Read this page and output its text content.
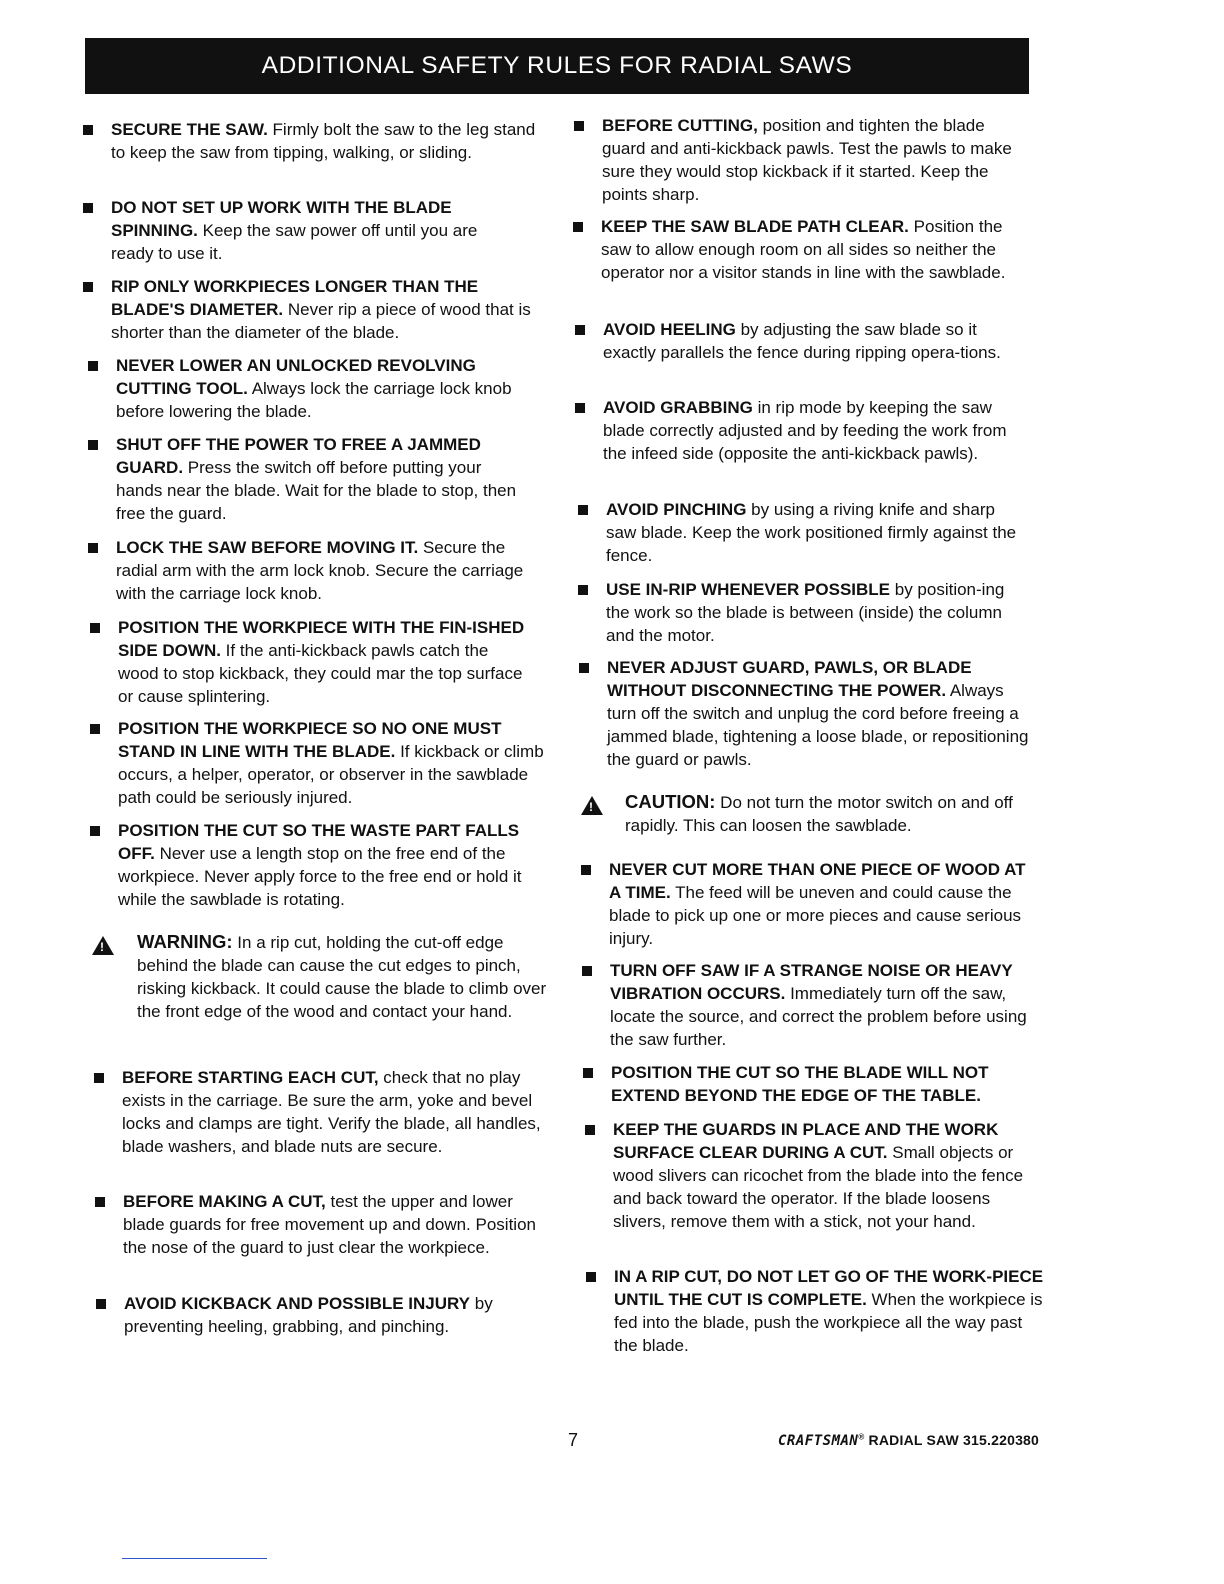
ADDITIONAL SAFETY RULES FOR RADIAL SAWS
SECURE THE SAW. Firmly bolt the saw to the leg stand to keep the saw from tipping, walking, or sliding.
DO NOT SET UP WORK WITH THE BLADE SPINNING. Keep the saw power off until you are ready to use it.
RIP ONLY WORKPIECES LONGER THAN THE BLADE'S DIAMETER. Never rip a piece of wood that is shorter than the diameter of the blade.
NEVER LOWER AN UNLOCKED REVOLVING CUTTING TOOL. Always lock the carriage lock knob before lowering the blade.
SHUT OFF THE POWER TO FREE A JAMMED GUARD. Press the switch off before putting your hands near the blade. Wait for the blade to stop, then free the guard.
LOCK THE SAW BEFORE MOVING IT. Secure the radial arm with the arm lock knob. Secure the carriage with the carriage lock knob.
POSITION THE WORKPIECE WITH THE FIN-ISHED SIDE DOWN. If the anti-kickback pawls catch the wood to stop kickback, they could mar the top surface or cause splintering.
POSITION THE WORKPIECE SO NO ONE MUST STAND IN LINE WITH THE BLADE. If kickback or climb occurs, a helper, operator, or observer in the sawblade path could be seriously injured.
POSITION THE CUT SO THE WASTE PART FALLS OFF. Never use a length stop on the free end of the workpiece. Never apply force to the free end or hold it while the sawblade is rotating.
!
WARNING: In a rip cut, holding the cut-off edge behind the blade can cause the cut edges to pinch, risking kickback. It could cause the blade to climb over the front edge of the wood and contact your hand.
BEFORE STARTING EACH CUT, check that no play exists in the carriage. Be sure the arm, yoke and bevel locks and clamps are tight. Verify the blade, all handles, blade washers, and blade nuts are secure.
BEFORE MAKING A CUT, test the upper and lower blade guards for free movement up and down. Position the nose of the guard to just clear the workpiece.
AVOID KICKBACK AND POSSIBLE INJURY by preventing heeling, grabbing, and pinching.
BEFORE CUTTING, position and tighten the blade guard and anti-kickback pawls. Test the pawls to make sure they would stop kickback if it started. Keep the points sharp.
KEEP THE SAW BLADE PATH CLEAR. Position the saw to allow enough room on all sides so neither the operator nor a visitor stands in line with the sawblade.
AVOID HEELING by adjusting the saw blade so it exactly parallels the fence during ripping opera-tions.
AVOID GRABBING in rip mode by keeping the saw blade correctly adjusted and by feeding the work from the infeed side (opposite the anti-kickback pawls).
AVOID PINCHING by using a riving knife and sharp saw blade. Keep the work positioned firmly against the fence.
USE IN-RIP WHENEVER POSSIBLE by position-ing the work so the blade is between (inside) the column and the motor.
NEVER ADJUST GUARD, PAWLS, OR BLADE WITHOUT DISCONNECTING THE POWER. Always turn off the switch and unplug the cord before freeing a jammed blade, tightening a loose blade, or repositioning the guard or pawls.
!
CAUTION: Do not turn the motor switch on and off rapidly. This can loosen the sawblade.
NEVER CUT MORE THAN ONE PIECE OF WOOD AT A TIME. The feed will be uneven and could cause the blade to pick up one or more pieces and cause serious injury.
TURN OFF SAW IF A STRANGE NOISE OR HEAVY VIBRATION OCCURS. Immediately turn off the saw, locate the source, and correct the problem before using the saw further.
POSITION THE CUT SO THE BLADE WILL NOT EXTEND BEYOND THE EDGE OF THE TABLE.
KEEP THE GUARDS IN PLACE AND THE WORK SURFACE CLEAR DURING A CUT. Small objects or wood slivers can ricochet from the blade into the fence and back toward the operator. If the blade loosens slivers, remove them with a stick, not your hand.
IN A RIP CUT, DO NOT LET GO OF THE WORK-PIECE UNTIL THE CUT IS COMPLETE. When the workpiece is fed into the blade, push the workpiece all the way past the blade.
7	CRAFTSMAN® RADIAL SAW 315.220380
